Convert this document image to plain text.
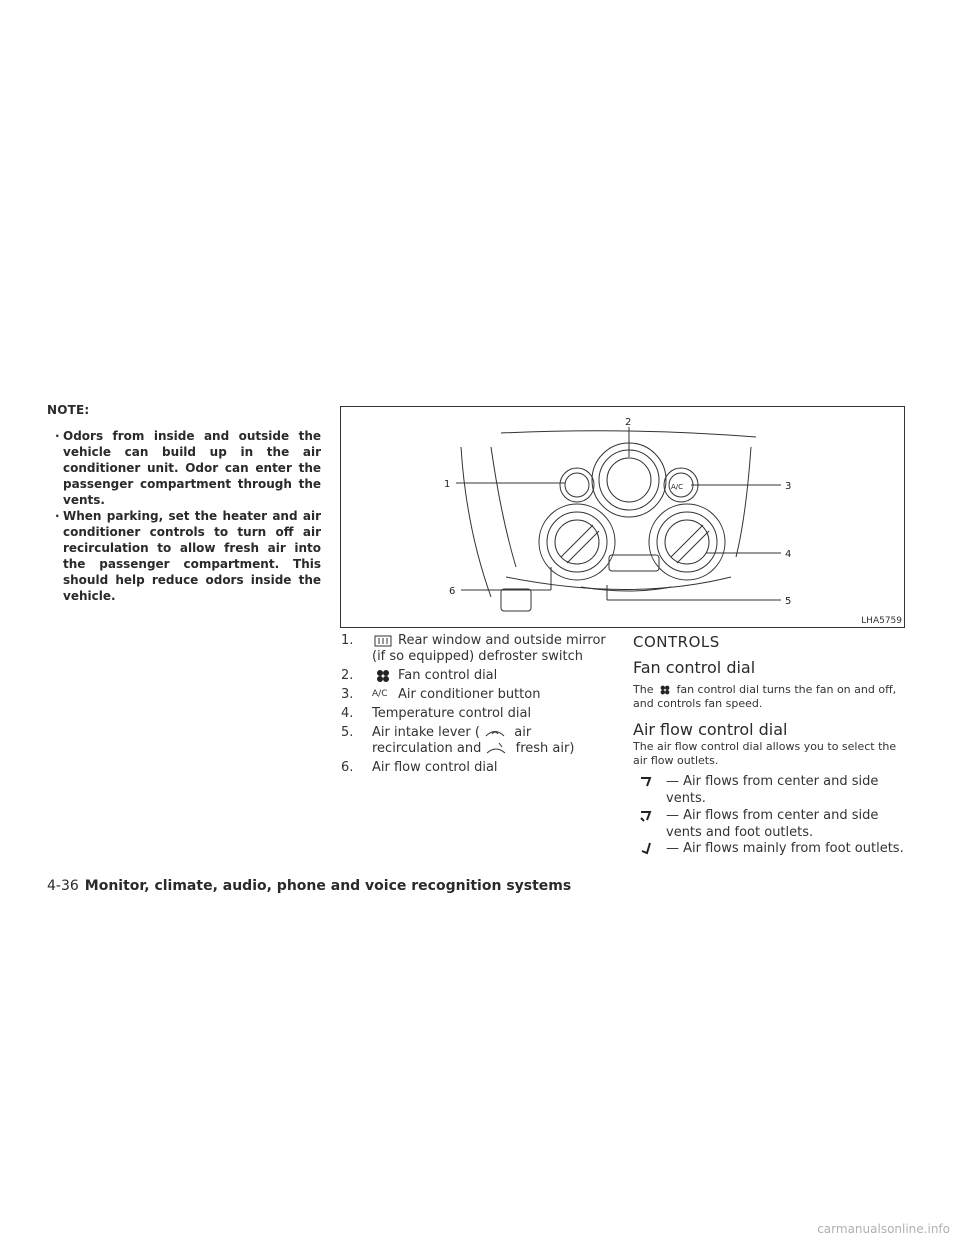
NOTE:
· Odors from inside and outside the vehicle can build up in the air conditioner unit. Odor can enter the passenger compartment through the vents.
· When parking, set the heater and air conditioner controls to turn off air recirculation to allow fresh air into the passenger compartment. This should help reduce odors inside the vehicle.
1
2
3
4
5
6
A/C
LHA5759
1.	Rear window and outside mirror (if so equipped) defroster switch
2.	Fan control dial
3. A/C Air conditioner button
4. Temperature control dial
5. Air intake lever (	air recirculation and	fresh air)
6. Air flow control dial
CONTROLS
Fan control dial
The fan control dial turns the fan on and off, and controls fan speed.
Air flow control dial
The air flow control dial allows you to select the air flow outlets.
— Air flows from center and side vents.
— Air flows from center and side vents and foot outlets.
— Air flows mainly from foot outlets.
4-36 Monitor, climate, audio, phone and voice recognition systems
carmanualsonline.info
